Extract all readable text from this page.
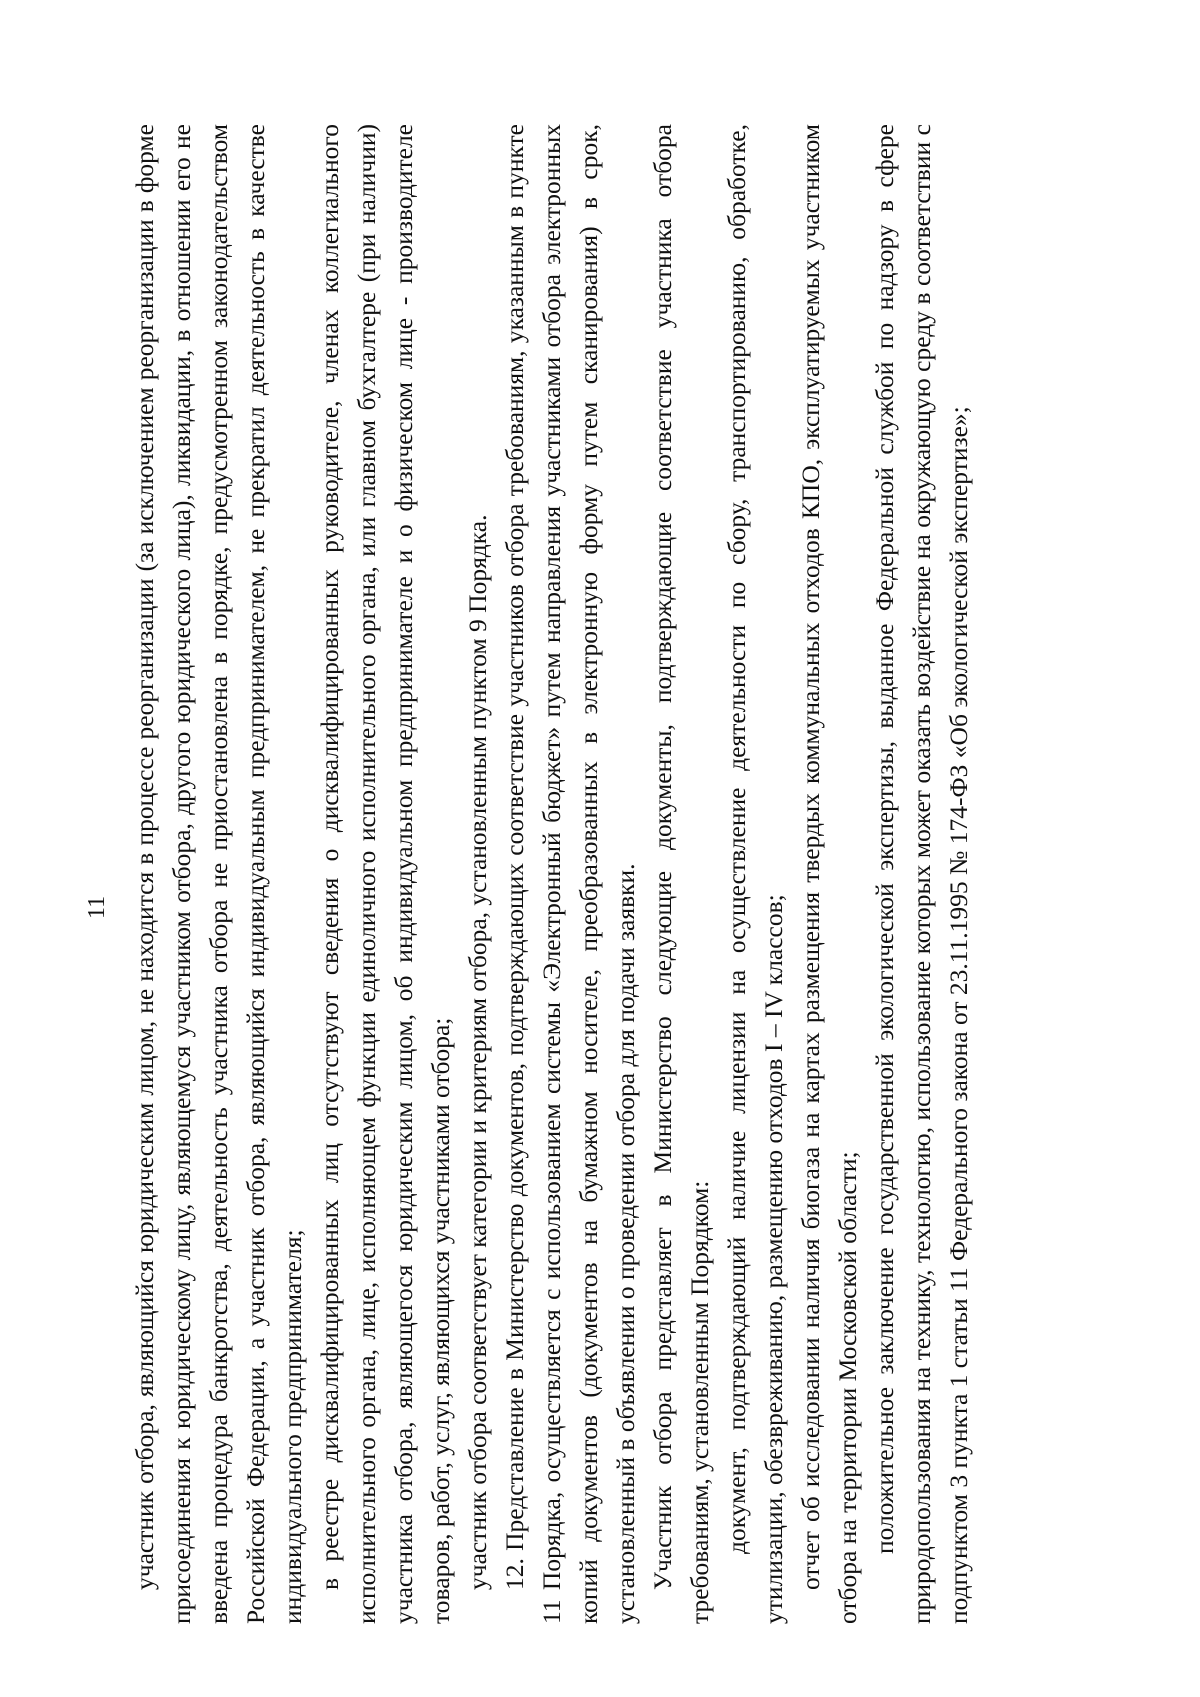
11 участник отбора, являющийся юридическим лицом, не находится в процессе реорганизации (за исключением реорганизации в форме присоединения к юридическому лицу, являющемуся участником отбора, другого юридического лица), ликвидации, в отношении его не введена процедура банкротства, деятельность участника отбора не приостановлена в порядке, предусмотренном законодательством Российской Федерации, а участник отбора, являющийся индивидуальным предпринимателем, не прекратил деятельность в качестве индивидуального предпринимателя; в реестре дисквалифицированных лиц отсутствуют сведения о дисквалифицированных руководителе, членах коллегиального исполнительного органа, лице, исполняющем функции единоличного исполнительного органа, или главном бухгалтере (при наличии) участника отбора, являющегося юридическим лицом, об индивидуальном предпринимателе и о физическом лице - производителе товаров, работ, услуг, являющихся участниками отбора; участник отбора соответствует категории и критериям отбора, установленным пунктом 9 Порядка. 12. Представление в Министерство документов, подтверждающих соответствие участников отбора требованиям, указанным в пункте 11 Порядка, осуществляется с использованием системы «Электронный бюджет» путем направления участниками отбора электронных копий документов (документов на бумажном носителе, преобразованных в электронную форму путем сканирования) в срок, установленный в объявлении о проведении отбора для подачи заявки. Участник отбора представляет в Министерство следующие документы, подтверждающие соответствие участника отбора требованиям, установленным Порядком: документ, подтверждающий наличие лицензии на осуществление деятельности по сбору, транспортированию, обработке, утилизации, обезвреживанию, размещению отходов I – IV классов; отчет об исследовании наличия биогаза на картах размещения твердых коммунальных отходов КПО, эксплуатируемых участником отбора на территории Московской области; положительное заключение государственной экологической экспертизы, выданное Федеральной службой по надзору в сфере природопользования на технику, технологию, использование которых может оказать воздействие на окружающую среду в соответствии с подпунктом 3 пункта 1 статьи 11 Федерального закона от 23.11.1995 № 174-ФЗ «Об экологической экспертизе»;
